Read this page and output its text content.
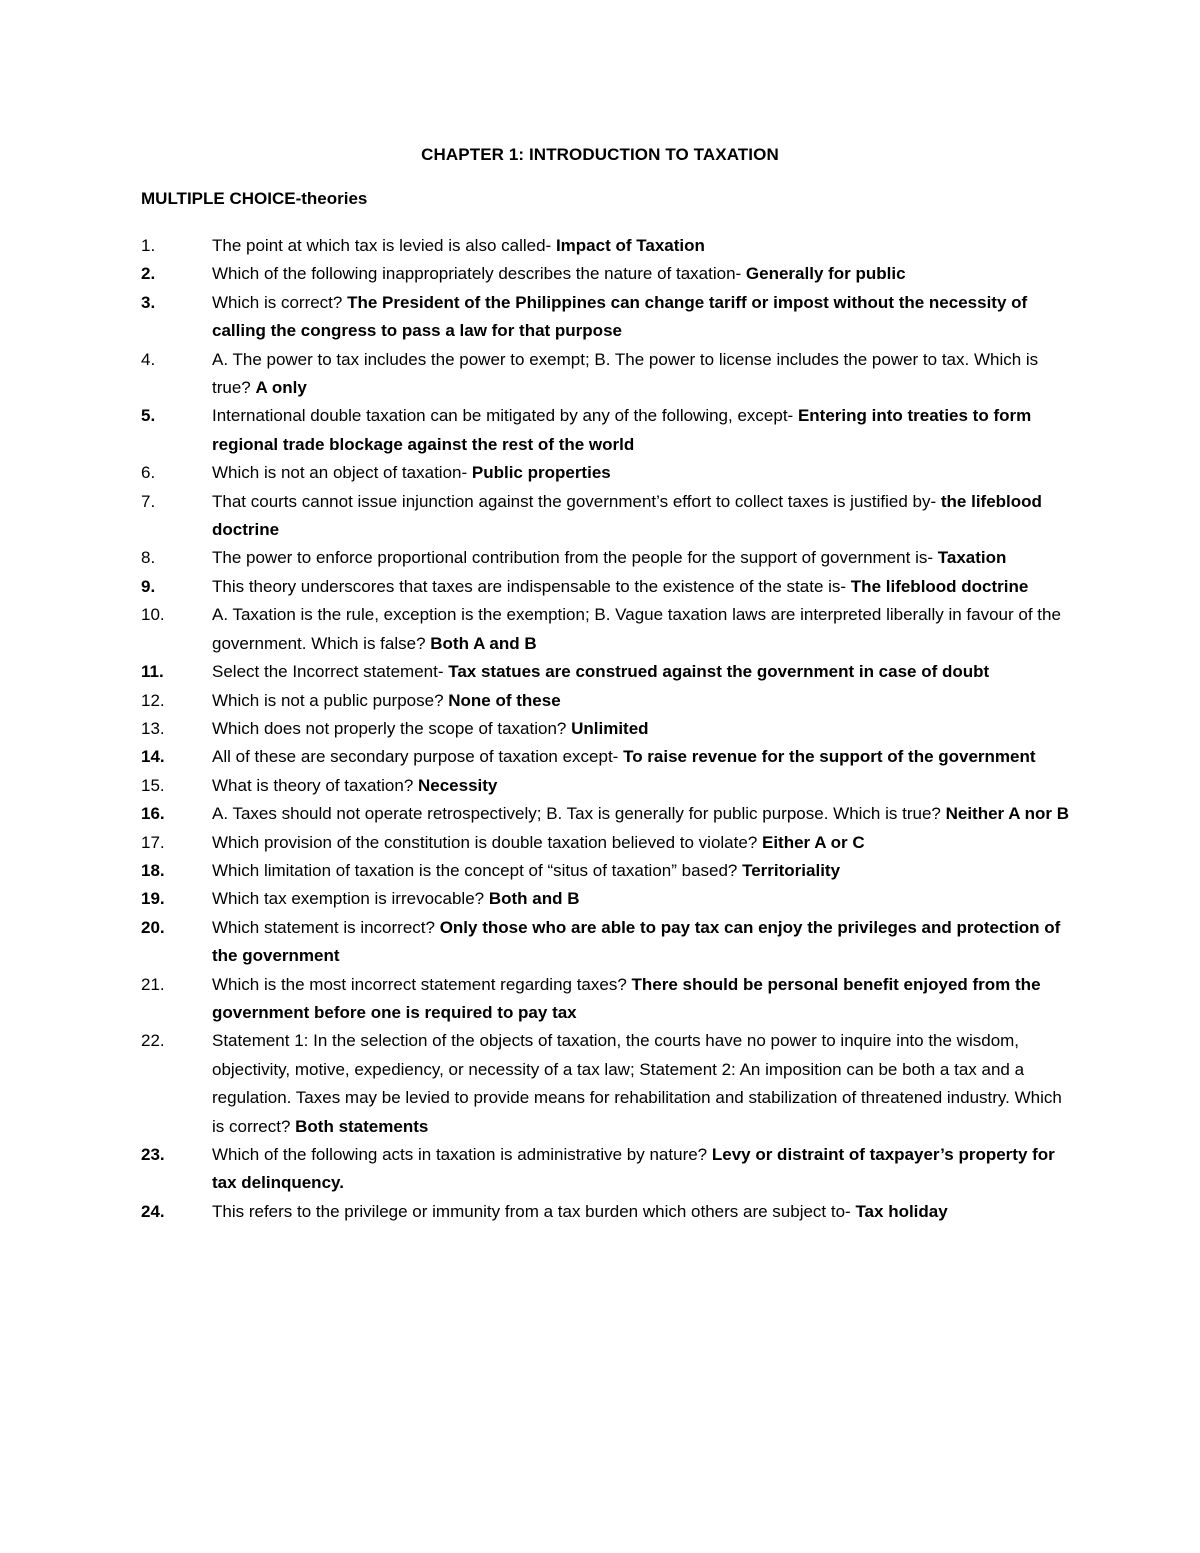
CHAPTER 1: INTRODUCTION TO TAXATION
MULTIPLE CHOICE-theories
1.	The point at which tax is levied is also called- Impact of Taxation
2.	Which of the following inappropriately describes the nature of taxation- Generally for public
3.	Which is correct? The President of the Philippines can change tariff or impost without the necessity of calling the congress to pass a law for that purpose
4.	A. The power to tax includes the power to exempt; B. The power to license includes the power to tax. Which is true? A only
5.	International double taxation can be mitigated by any of the following, except- Entering into treaties to form regional trade blockage against the rest of the world
6.	Which is not an object of taxation- Public properties
7.	That courts cannot issue injunction against the government’s effort to collect taxes is justified by- the lifeblood doctrine
8.	The power to enforce proportional contribution from the people for the support of government is- Taxation
9.	This theory underscores that taxes are indispensable to the existence of the state is- The lifeblood doctrine
10.	A. Taxation is the rule, exception is the exemption; B. Vague taxation laws are interpreted liberally in favour of the government. Which is false? Both A and B
11.	Select the Incorrect statement- Tax statues are construed against the government in case of doubt
12.	Which is not a public purpose? None of these
13.	Which does not properly the scope of taxation? Unlimited
14.	All of these are secondary purpose of taxation except- To raise revenue for the support of the government
15.	What is theory of taxation? Necessity
16.	A. Taxes should not operate retrospectively; B. Tax is generally for public purpose. Which is true? Neither A nor B
17.	Which provision of the constitution is double taxation believed to violate? Either A or C
18.	Which limitation of taxation is the concept of “situs of taxation” based? Territoriality
19.	Which tax exemption is irrevocable? Both and B
20.	Which statement is incorrect? Only those who are able to pay tax can enjoy the privileges and protection of the government
21.	Which is the most incorrect statement regarding taxes? There should be personal benefit enjoyed from the government before one is required to pay tax
22.	Statement 1: In the selection of the objects of taxation, the courts have no power to inquire into the wisdom, objectivity, motive, expediency, or necessity of a tax law; Statement 2: An imposition can be both a tax and a regulation. Taxes may be levied to provide means for rehabilitation and stabilization of threatened industry. Which is correct? Both statements
23.	Which of the following acts in taxation is administrative by nature? Levy or distraint of taxpayer’s property for tax delinquency.
24.	This refers to the privilege or immunity from a tax burden which others are subject to- Tax holiday
